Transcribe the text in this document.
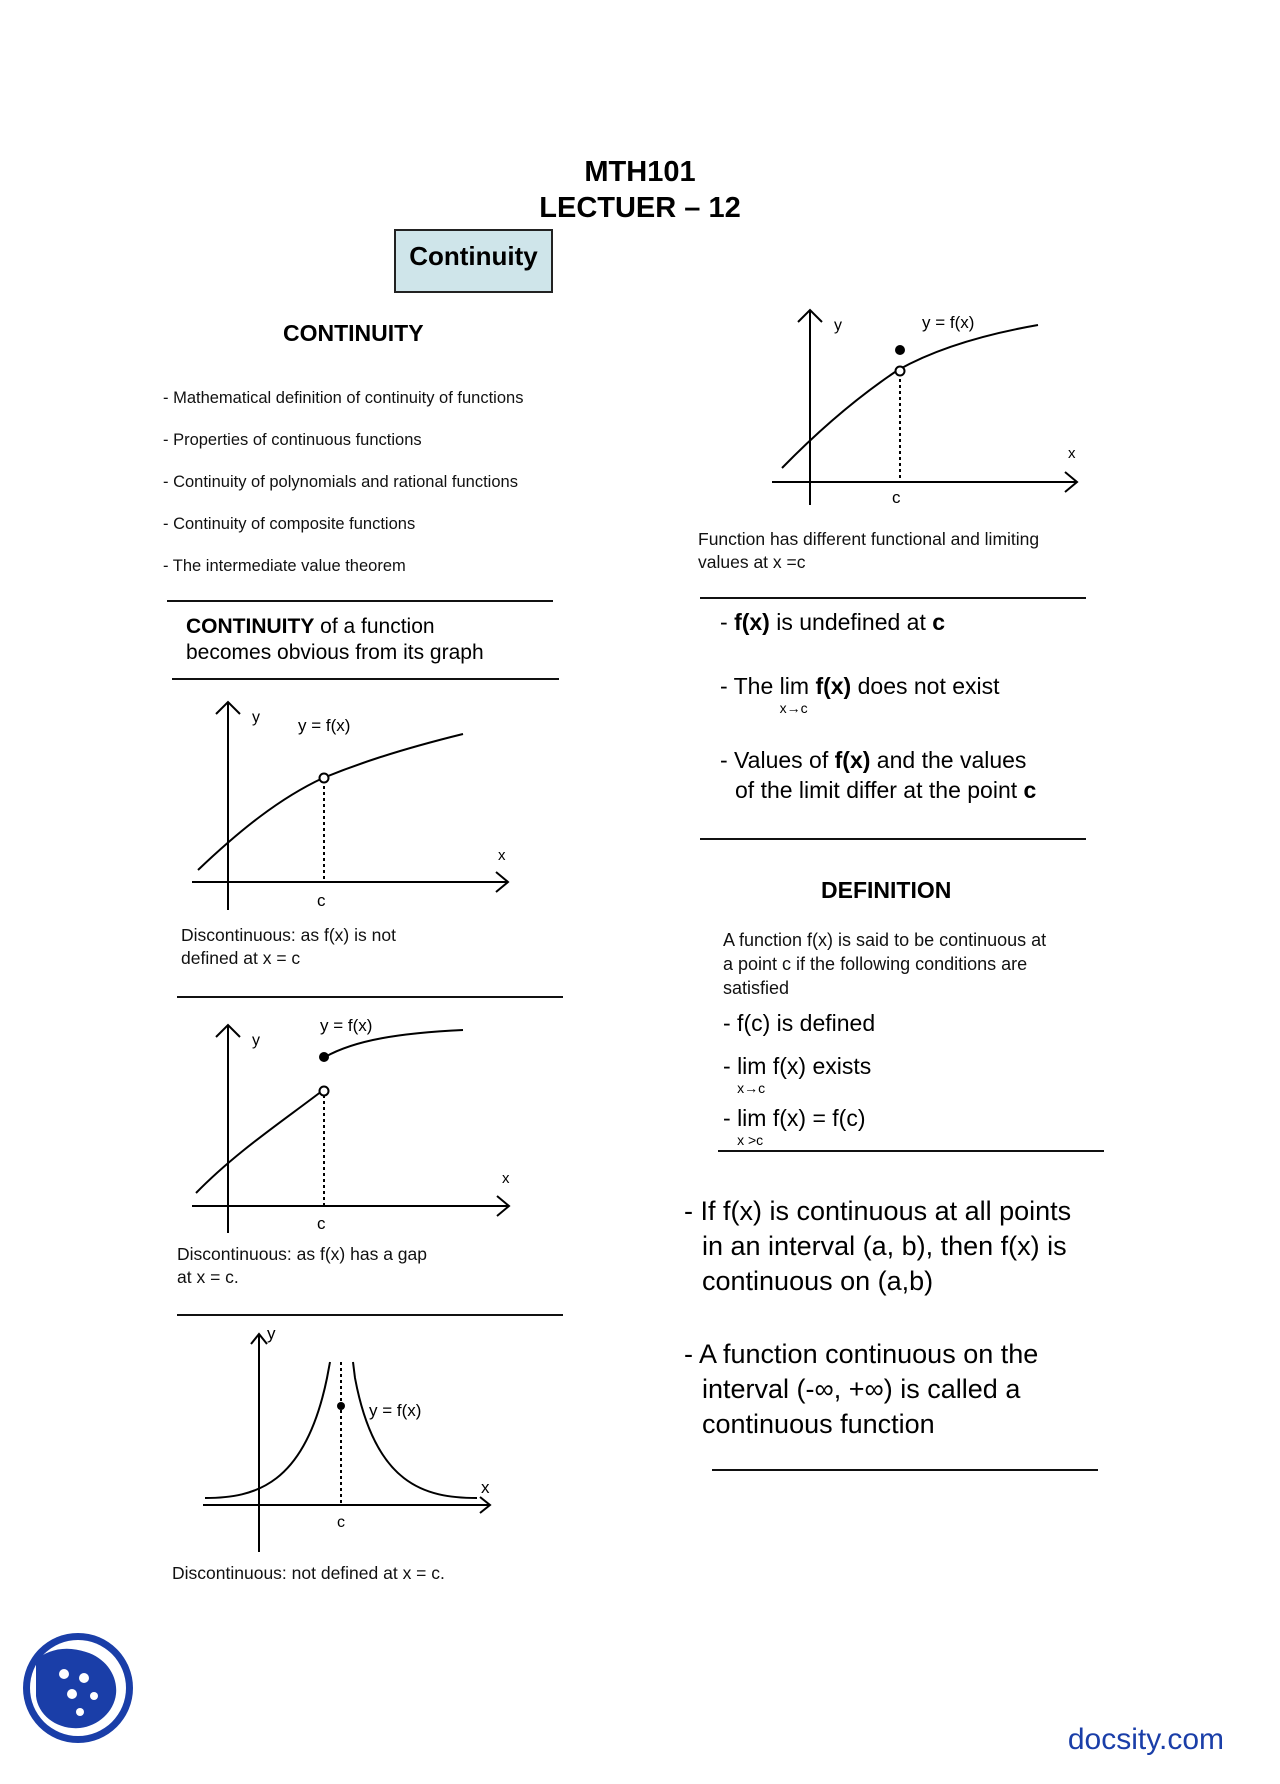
MTH101
LECTUER – 12
Continuity
CONTINUITY
- Mathematical definition of continuity of functions
- Properties of continuous functions
- Continuity of polynomials and rational functions
- Continuity of composite functions
- The intermediate value theorem
CONTINUITY of a function
becomes obvious from its graph
y y = f(x)
x
c
Discontinuous: as f(x) is not
defined at x = c
y
y = f(x)
x
c
Discontinuous: as f(x) has a gap
at x = c.
y
y = f(x)
x
c
Discontinuous: not defined at x = c.
y	y = f(x)
x
c
Function has different functional and limiting
values at x =c
- f(x) is undefined at c
- The lim
x→c
f(x) does not exist
- Values of f(x) and the values
of the limit differ at the point c
DEFINITION
A function f(x) is said to be continuous at
a point c if the following conditions are
satisfied
- f(c) is defined
- lim
x→c
f(x) exists
- lim
x >c
f(x) = f(c)
- If f(x) is continuous at all points
in an interval (a, b), then f(x) is
continuous on (a,b)
- A function continuous on the
interval (-∞, +∞) is called a
continuous function
docsity.com
